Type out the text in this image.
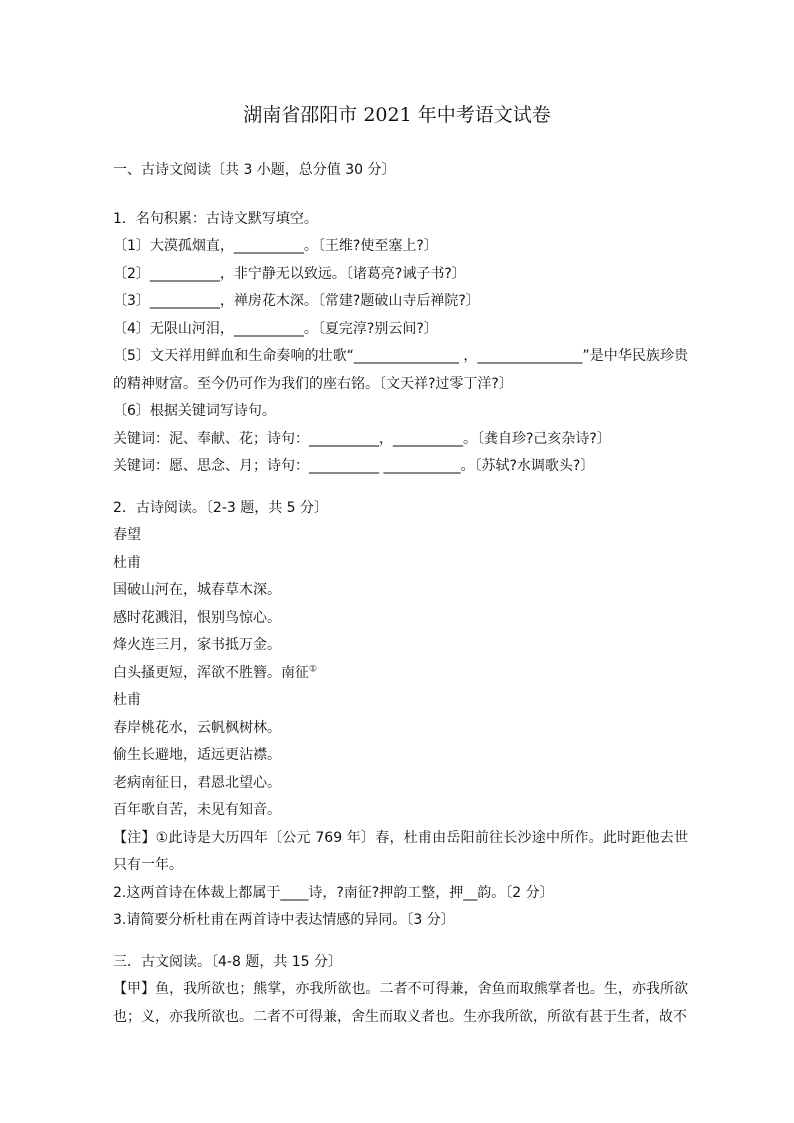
湖南省邵阳市 2021 年中考语文试卷
一、古诗文阅读〔共 3 小题，总分值 30 分〕
1．名句积累：古诗文默写填空。
〔1〕大漠孤烟直，__________。〔王维?使至塞上?〕
〔2〕__________，非宁静无以致远。〔诸葛亮?诫子书?〕
〔3〕__________，禅房花木深。〔常建?题破山寺后禅院?〕
〔4〕无限山河泪，__________。〔夏完淳?别云间?〕
〔5〕文天祥用鲜血和生命奏响的壮歌“_______________ ，_______________”是中华民族珍贵的精神财富。至今仍可作为我们的座右铭。〔文天祥?过零丁洋?〕
〔6〕根据关键词写诗句。
关键词：泥、奉献、花；诗句：__________，__________。〔龚自珍?己亥杂诗?〕
关键词：愿、思念、月；诗句：__________ ___________。〔苏轼?水调歌头?〕
2．古诗阅读。〔2-3 题，共 5 分〕
春望
杜甫
国破山河在，城春草木深。
感时花溅泪，恨别鸟惊心。
烽火连三月，家书抵万金。
白头搔更短，浑欲不胜簪。南征①
杜甫
春岸桃花水，云帆枫树林。
偷生长避地，适远更沾襟。
老病南征日，君恩北望心。
百年歌自苦，未见有知音。
【注】①此诗是大历四年〔公元 769 年〕春，杜甫由岳阳前往长沙途中所作。此时距他去世只有一年。
2.这两首诗在体裁上都属于____诗，?南征?押韵工整，押__韵。〔2 分〕
3.请简要分析杜甫在两首诗中表达情感的异同。〔3 分〕
三．古文阅读。〔4-8 题，共 15 分〕
【甲】鱼，我所欲也；熊掌，亦我所欲也。二者不可得兼，舍鱼而取熊掌者也。生，亦我所欲也；义，亦我所欲也。二者不可得兼，舍生而取义者也。生亦我所欲，所欲有甚于生者，故不
